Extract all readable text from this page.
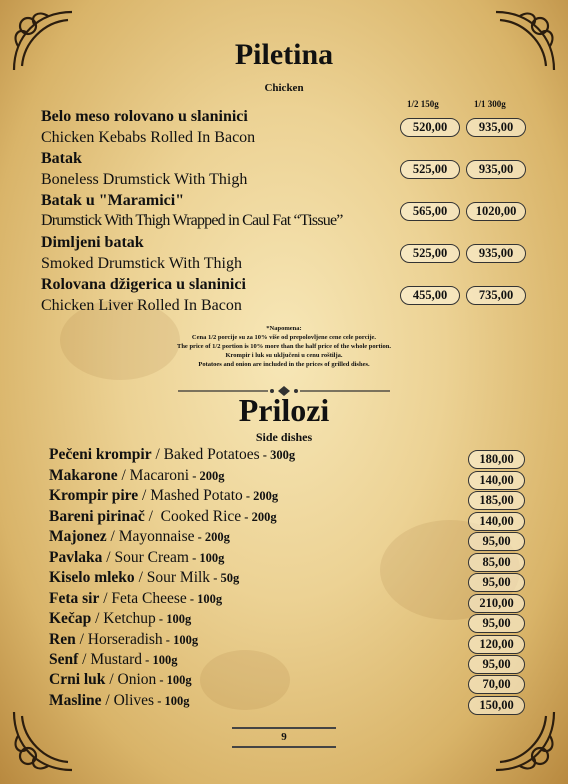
Piletina
Chicken
1/2 150g	1/1 300g
Belo meso rolovano u slaninici
Chicken Kebabs Rolled In Bacon
520,00	935,00
Batak
Boneless Drumstick With Thigh
525,00	935,00
Batak u "Maramici"
Drumstick With Thigh Wrapped in Caul Fat “Tissue”
565,00	1020,00
Dimljeni batak
Smoked Drumstick With Thigh
525,00	935,00
Rolovana džigerica u slaninici
Chicken Liver Rolled In Bacon
455,00	735,00
*Napomena:
Cena 1/2 porcije su za 10% više od prepolovljene cene cele porcije.
The price of 1/2 portion is 10% more than the half price of the whole portion.
Krompir i luk su uključeni u cenu roštilja.
Potatoes and onion are included in the prices of grilled dishes.
Prilozi
Side dishes
Pečeni krompir / Baked Potatoes - 300g	180,00
Makarone / Macaroni - 200g	140,00
Krompir pire / Mashed Potato - 200g	185,00
Bareni pirinač /  Cooked Rice - 200g	140,00
Majonez / Mayonnaise - 200g	95,00
Pavlaka / Sour Cream - 100g	85,00
Kiselo mleko / Sour Milk - 50g	95,00
Feta sir / Feta Cheese - 100g	210,00
Kečap / Ketchup - 100g	95,00
Ren / Horseradish - 100g	120,00
Senf / Mustard - 100g	95,00
Crni luk / Onion - 100g	70,00
Masline / Olives - 100g	150,00
9
